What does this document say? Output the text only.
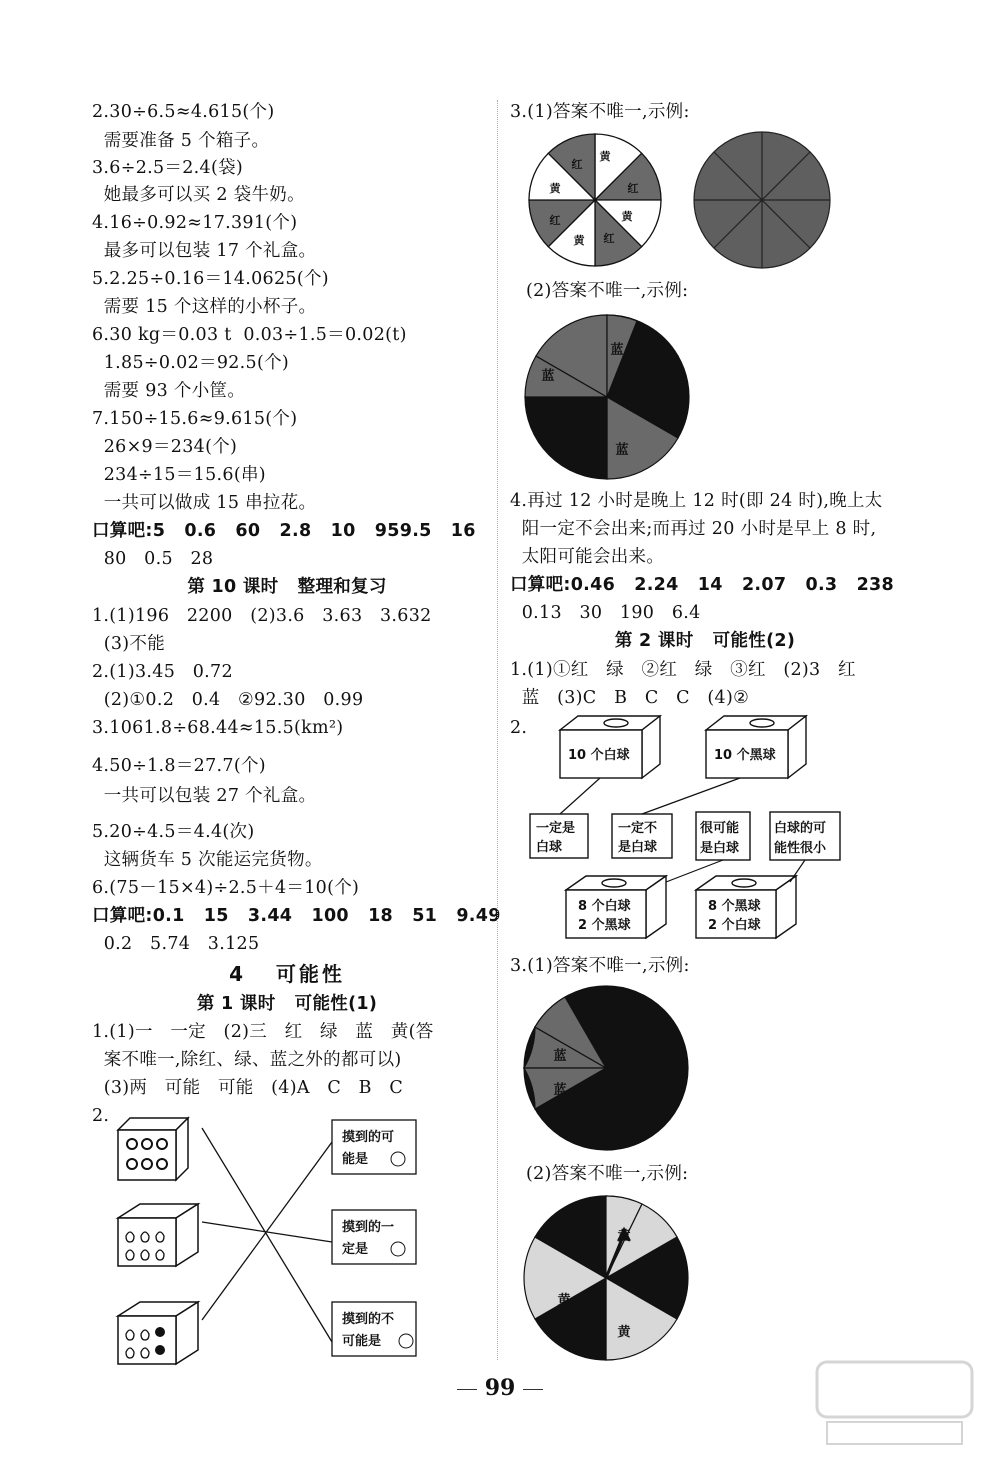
2.30÷6.5≈4.615(个)
需要准备 5 个箱子。
3.6÷2.5＝2.4(袋)
她最多可以买 2 袋牛奶。
4.16÷0.92≈17.391(个)
最多可以包装 17 个礼盒。
5.2.25÷0.16＝14.0625(个)
需要 15 个这样的小杯子。
6.30 kg＝0.03 t  0.03÷1.5＝0.02(t)
1.85÷0.02＝92.5(个)
需要 93 个小筐。
7.150÷15.6≈9.615(个)
26×9＝234(个)
234÷15＝15.6(串)
一共可以做成 15 串拉花。
口算吧:5   0.6   60   2.8   10   959.5   16
80   0.5   28
第 10 课时   整理和复习
1.(1)196   2200   (2)3.6   3.63   3.632
(3)不能
2.(1)3.45   0.72
(2)①0.2   0.4   ②92.30   0.99
3.1061.8÷68.44≈15.5(km²)
4.50÷1.8＝27.7(个)
一共可以包装 27 个礼盒。
5.20÷4.5＝4.4(次)
这辆货车 5 次能运完货物。
6.(75－15×4)÷2.5＋4＝10(个)
口算吧:0.1   15   3.44   100   18   51   9.49
0.2   5.74   3.125
4   可能性
第 1 课时   可能性(1)
1.(1)一   一定   (2)三   红   绿   蓝   黄(答
案不唯一,除红、绿、蓝之外的都可以)
(3)两   可能   可能   (4)A   C   B   C
2.
摸到的可
能是
摸到的一
定是
摸到的不
可能是
3.(1)答案不唯一,示例:
红
红
红
红
黄
黄
黄
黄
(2)答案不唯一,示例:
蓝
蓝
蓝
4.再过 12 小时是晚上 12 时(即 24 时),晚上太
阳一定不会出来;而再过 20 小时是早上 8 时,
太阳可能会出来。
口算吧:0.46   2.24   14   2.07   0.3   238
0.13   30   190   6.4
第 2 课时   可能性(2)
1.(1)①红   绿   ②红   绿   ③红   (2)3   红
蓝   (3)C   B   C   C   (4)②
2.
10 个白球	10 个黑球
一定是
白球
一定不
是白球
很可能
是白球
白球的可
能性很小
8 个白球
2 个黑球
8 个黑球
2 个白球
3.(1)答案不唯一,示例:
蓝
蓝
(2)答案不唯一,示例:
黄
黄
黄
99
